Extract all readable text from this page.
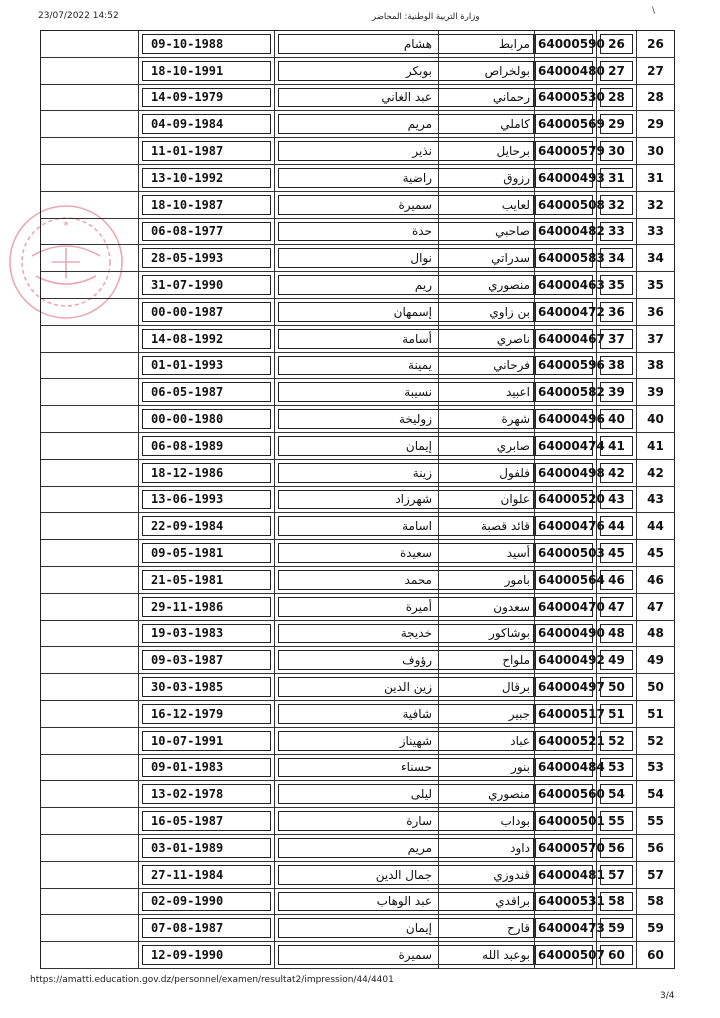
23/07/2022 14:52	وزارة التربية الوطنية: المحاضر
\
★
09-10-1988	هشام	مرابط 64000590 26	26
18-10-1991	بوبكر	بولخراص 64000480 27	27
14-09-1979	عبد الغاني	رحماني 64000530 28	28
04-09-1984	مريم	كاملي 64000569 29	29
11-01-1987	نذير	برحايل 64000579 30	30
13-10-1992	راضية	رزوق 64000493 31	31
18-10-1987	سميرة	لعايب 64000508 32	32
06-08-1977	حدة	صاحبي 64000482 33	33
28-05-1993	نوال	سدراتي 64000583 34	34
31-07-1990	ريم	منصوري 64000463 35	35
00-00-1987	إسمهان	بن زاوي 64000472 36	36
14-08-1992	أسامة	ناصري 64000467 37	37
01-01-1993	يمينة	فرحاني 64000596 38	38
06-05-1987	نسيبة	اعبيد 64000582 39	39
00-00-1980	زوليخة	شهرة 64000496 40	40
06-08-1989	إيمان	صابري 64000474 41	41
18-12-1986	زينة	فلفول 64000498 42	42
13-06-1993	شهرزاد	علوان 64000520 43	43
22-09-1984	اسامة	قائد قصبة 64000476 44	44
09-05-1981	سعيدة	أسيد 64000503 45	45
21-05-1981	محمد	بامور 64000564 46	46
29-11-1986	أميرة	سعدون 64000470 47	47
19-03-1983	خديجة	بوشاكور 64000490 48	48
09-03-1987	رؤوف	ملواح 64000492 49	49
30-03-1985	زين الدين	برقال 64000497 50	50
16-12-1979	شافية	جبير 64000517 51	51
10-07-1991	شهيناز	عباد 64000521 52	52
09-01-1983	حسناء	بنور 64000484 53	53
13-02-1978	ليلى	منصوري 64000560 54	54
16-05-1987	سارة	بوداب 64000501 55	55
03-01-1989	مريم	داود 64000570 56	56
27-11-1984	جمال الدين	قندوزي 64000481 57	57
02-09-1990	عبد الوهاب	براقدي 64000531 58	58
07-08-1987	إيمان	قارح 64000473 59	59
12-09-1990	سميرة	بوعبد الله 64000507 60	60
https://amatti.education.gov.dz/personnel/examen/resultat2/impression/44/4401
3/4
